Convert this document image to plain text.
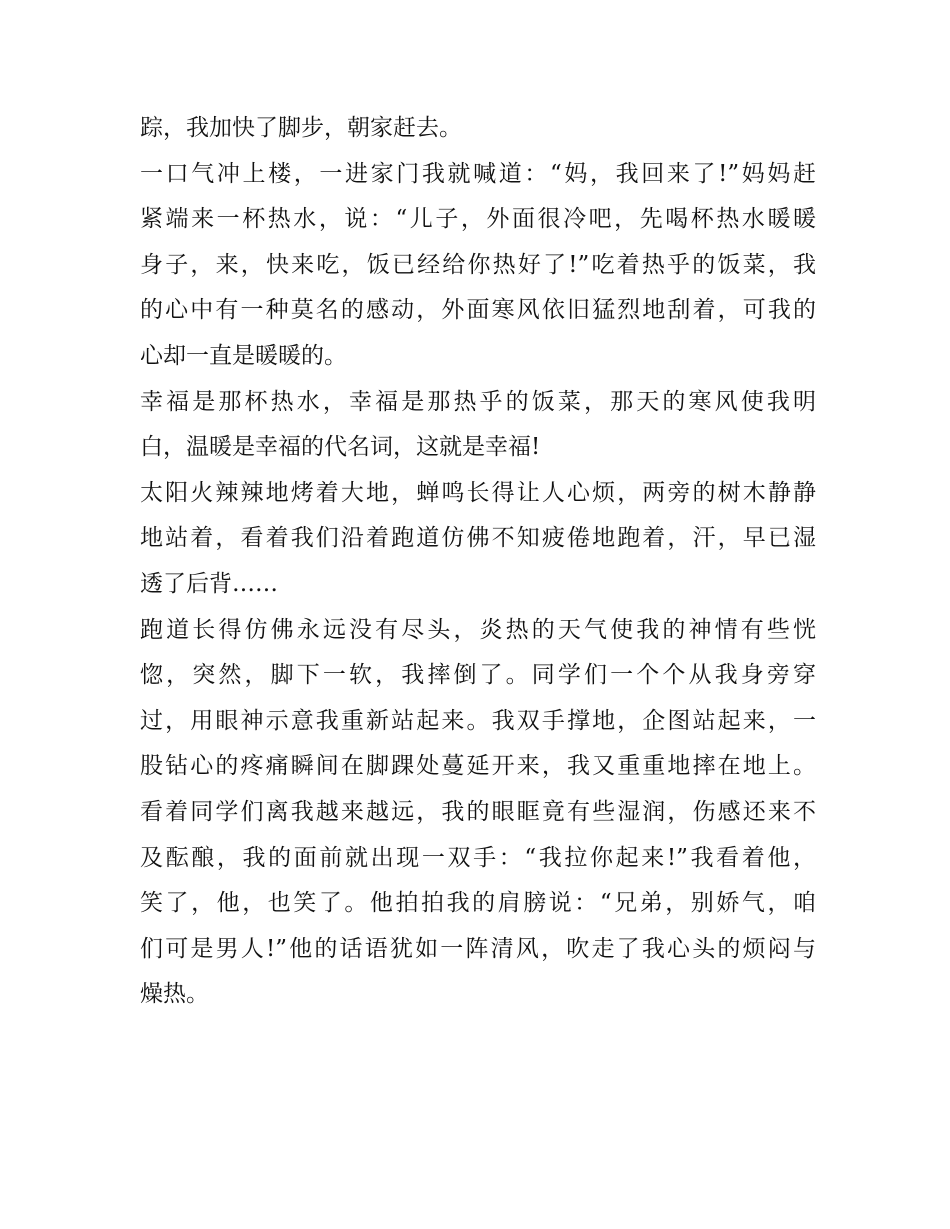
踪，我加快了脚步，朝家赶去。
一口气冲上楼，一进家门我就喊道：“妈，我回来了!”妈妈赶
紧端来一杯热水，说：“儿子，外面很冷吧，先喝杯热水暖暖
身子，来，快来吃，饭已经给你热好了!”吃着热乎的饭菜，我
的心中有一种莫名的感动，外面寒风依旧猛烈地刮着，可我的
心却一直是暖暖的。
幸福是那杯热水，幸福是那热乎的饭菜，那天的寒风使我明
白，温暖是幸福的代名词，这就是幸福!
太阳火辣辣地烤着大地，蝉鸣长得让人心烦，两旁的树木静静
地站着，看着我们沿着跑道仿佛不知疲倦地跑着，汗，早已湿
透了后背……
跑道长得仿佛永远没有尽头，炎热的天气使我的神情有些恍
惚，突然，脚下一软，我摔倒了。同学们一个个从我身旁穿
过，用眼神示意我重新站起来。我双手撑地，企图站起来，一
股钻心的疼痛瞬间在脚踝处蔓延开来，我又重重地摔在地上。
看着同学们离我越来越远，我的眼眶竟有些湿润，伤感还来不
及酝酿，我的面前就出现一双手：“我拉你起来!”我看着他，
笑了，他，也笑了。他拍拍我的肩膀说：“兄弟，别娇气，咱
们可是男人!”他的话语犹如一阵清风，吹走了我心头的烦闷与
燥热。
